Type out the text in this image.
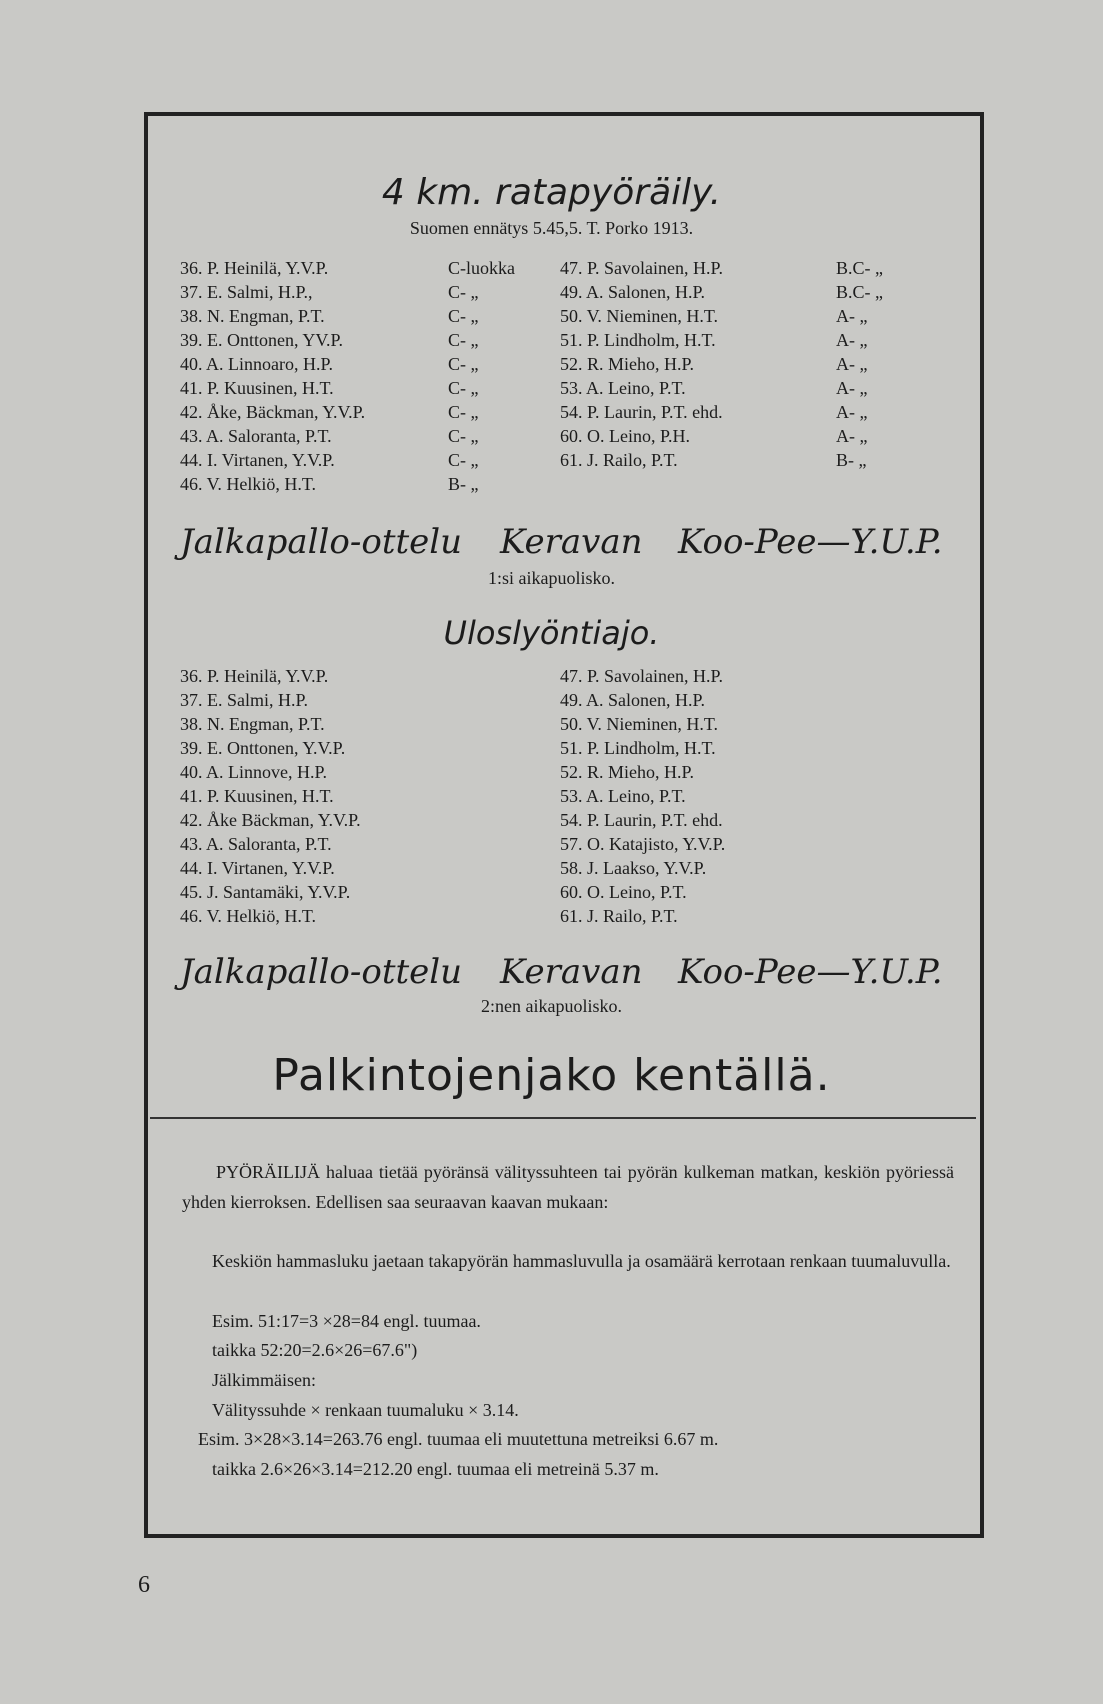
4 km. ratapyöräily.
Suomen ennätys 5.45,5. T. Porko 1913.
36. P. Heinilä, Y.V.P.	C-luokka
37. E. Salmi, H.P.,	C- „
38. N. Engman, P.T.	C- „
39. E. Onttonen, YV.P.	C- „
40. A. Linnoaro, H.P.	C- „
41. P. Kuusinen, H.T.	C- „
42. Åke, Bäckman, Y.V.P.	C- „
43. A. Saloranta, P.T.	C- „
44. I. Virtanen, Y.V.P.	C- „
46. V. Helkiö, H.T.	B- „
47. P. Savolainen, H.P.	B.C- „
49. A. Salonen, H.P.	B.C- „
50. V. Nieminen, H.T.	A- „
51. P. Lindholm, H.T.	A- „
52. R. Mieho, H.P.	A- „
53. A. Leino, P.T.	A- „
54. P. Laurin, P.T. ehd.	A- „
60. O. Leino, P.H.	A- „
61. J. Railo, P.T.	B- „
Jalkapallo-ottelu Keravan Koo-Pee—Y.U.P.
1:si aikapuolisko.
Uloslyöntiajo.
36. P. Heinilä, Y.V.P.
37. E. Salmi, H.P.
38. N. Engman, P.T.
39. E. Onttonen, Y.V.P.
40. A. Linnove, H.P.
41. P. Kuusinen, H.T.
42. Åke Bäckman, Y.V.P.
43. A. Saloranta, P.T.
44. I. Virtanen, Y.V.P.
45. J. Santamäki, Y.V.P.
46. V. Helkiö, H.T.
47. P. Savolainen, H.P.
49. A. Salonen, H.P.
50. V. Nieminen, H.T.
51. P. Lindholm, H.T.
52. R. Mieho, H.P.
53. A. Leino, P.T.
54. P. Laurin, P.T. ehd.
57. O. Katajisto, Y.V.P.
58. J. Laakso, Y.V.P.
60. O. Leino, P.T.
61. J. Railo, P.T.
Jalkapallo-ottelu Keravan Koo-Pee—Y.U.P.
2:nen aikapuolisko.
Palkintojenjako kentällä.
PYÖRÄILIJÄ haluaa tietää pyöränsä välityssuhteen tai pyörän kulkeman matkan, keskiön pyöriessä yhden kierroksen. Edellisen saa seuraavan kaavan mukaan:
Keskiön hammasluku jaetaan takapyörän hammasluvulla ja osamäärä kerrotaan renkaan tuumaluvulla.
Esim. 51:17=3 ×28=84 engl. tuumaa.
taikka 52:20=2.6×26=67.6")
Jälkimmäisen:
Välityssuhde × renkaan tuumaluku × 3.14.
Esim. 3×28×3.14=263.76 engl. tuumaa eli muutettuna metreiksi 6.67 m.
taikka 2.6×26×3.14=212.20 engl. tuumaa eli metreinä 5.37 m.
6
